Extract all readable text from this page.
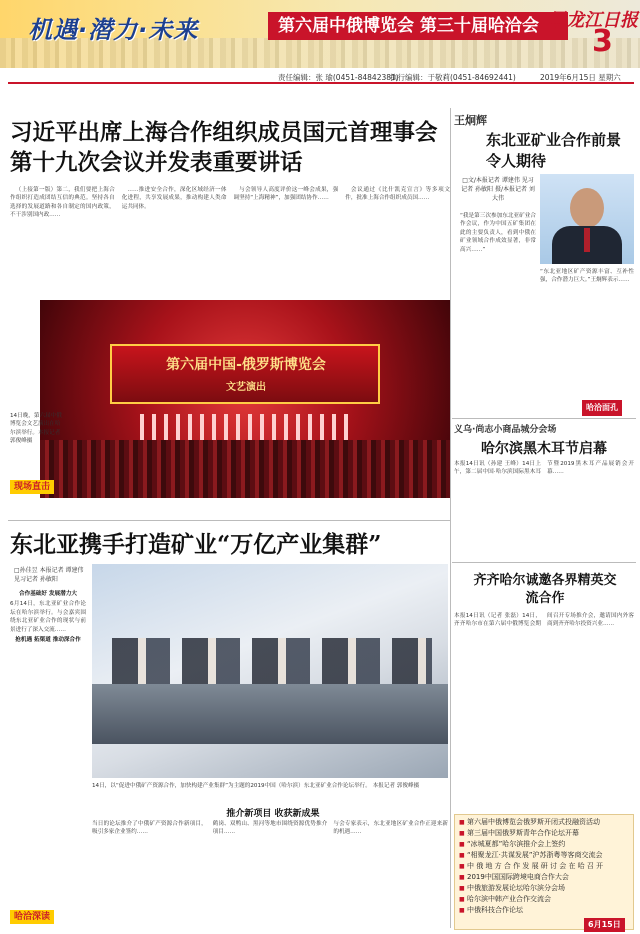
机遇·潜力·未来	第六届中俄博览会 第三十届哈洽会 黑龙江日报
3
责任编辑：张 瑜(0451-84842381)
执行编辑：于敬莉(0451-84692441)	2019年6月15日 星期六
习近平出席上海合作组织成员国元首理事会第十九次会议并发表重要讲话

（上接第一版）第二，我们要把上海合作组织打造成团结互信的典范。坚持各自选择的发展道路和各自制定的国内政策，不干涉别国内政……

……推进安全合作，深化区域经济一体化进程，共享发展成果，推动构建人类命运共同体。

与会领导人高度评价这一峰会成果，强调坚持“上海精神”，加强团结协作……

会议通过《比什凯克宣言》等多项文件，批准上海合作组织成员国……

第六届中国-俄罗斯博览会
文艺演出
14日晚，第六届中俄博览会文艺演出在哈尔滨举行。本报记者 郭俊峰摄
现场直击
王炯辉
东北亚矿业合作前景令人期待
□文/本报记者 谭建伟 见习记者 孙敏阳 摄/本报记者 刘大伟
“我是第三次参加东北亚矿业合作会议，作为中国五矿集团在此的主要负责人，看到中俄在矿业领域合作成效显著，非常高兴……”
“东北亚地区矿产资源丰富、互补性强，合作潜力巨大。”王炯辉表示……
哈洽面孔
东北亚携手打造矿业“万亿产业集群”
□孙佳昱 本报记者 谭建伟 见习记者 孙敏阳
合作基础好 发展潜力大

6月14日，东北亚矿业合作论坛在哈尔滨举行。与会嘉宾围绕东北亚矿业合作的现状与前景进行了深入交流……

抢机遇 拓渠道 推动深合作
14日，以“促进中俄矿产资源合作，加快构建产业集群”为主题的2019中国（哈尔滨）东北亚矿业合作论坛举行。 本报记者 郭俊峰摄
推介新项目 收获新成果
当日的论坛推介了中俄矿产资源合作新项目，吸引多家企业签约……
鹤岗、双鸭山、黑河等地市围绕资源优势推介项目……
与会专家表示，东北亚地区矿业合作正迎来新的机遇……
哈洽深读
义乌·尚志小商品城分会场
哈尔滨黑木耳节启幕
本报14日讯（孙建 王峰）14日上午，第二届中国·哈尔滨国际黑木耳节暨2019黑木耳产品展销会开幕……
齐齐哈尔诚邀各界精英交流合作
本报14日讯（记者 张磊）14日，齐齐哈尔市在第六届中俄博览会期间召开专场推介会，邀请国内外客商到齐齐哈尔投资兴业……
■ 第六届中俄博览会俄罗斯开闭式投融资活动
■ 第三届中国俄罗斯青年合作论坛开幕
■ “冰城夏都”哈尔滨推介会上签约
■ “相聚龙江·共谋发展”沪苏浙粤等客商交流会
■ 中 俄 地 方 合 作 发 展 研 讨 会 在 哈 召 开
■ 2019中国国际跨境电商合作大会
■ 中俄旅游发展论坛哈尔滨分会场
■ 哈尔滨中韩产业合作交流会
■ 中俄科技合作论坛
6月15日
